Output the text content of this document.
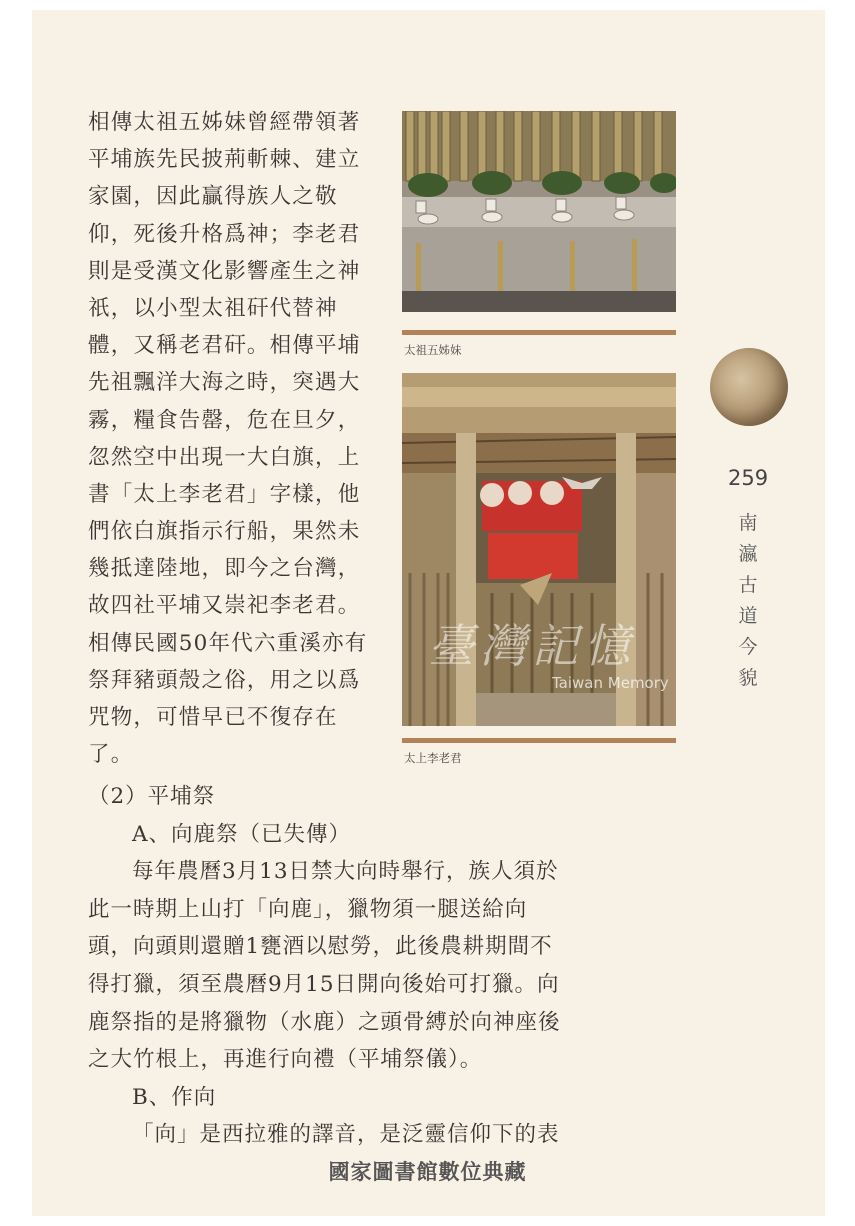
相傳太祖五姊妹曾經帶領著
平埔族先民披荊斬棘、建立
家園，因此贏得族人之敬
仰，死後升格爲神；李老君
則是受漢文化影響產生之神
祇，以小型太祖矸代替神
體，又稱老君矸。相傳平埔
先祖飄洋大海之時，突遇大
霧，糧食告罄，危在旦夕，
忽然空中出現一大白旗，上
書「太上李老君」字樣，他
們依白旗指示行船，果然未
幾抵達陸地，即今之台灣，
故四社平埔又崇祀李老君。
相傳民國50年代六重溪亦有
祭拜豬頭殼之俗，用之以爲
咒物，可惜早已不復存在
了。
太祖五姊妹
臺灣記憶
Taiwan Memory
太上李老君
259
南
瀛
古
道
今
貌
（2）平埔祭
A、向鹿祭（已失傳）
每年農曆3月13日禁大向時舉行，族人須於
此一時期上山打「向鹿」，獵物須一腿送給向
頭，向頭則還贈1甕酒以慰勞，此後農耕期間不
得打獵，須至農曆9月15日開向後始可打獵。向
鹿祭指的是將獵物（水鹿）之頭骨縛於向神座後
之大竹根上，再進行向禮（平埔祭儀）。
B、作向
「向」是西拉雅的譯音，是泛靈信仰下的表
國家圖書館數位典藏
